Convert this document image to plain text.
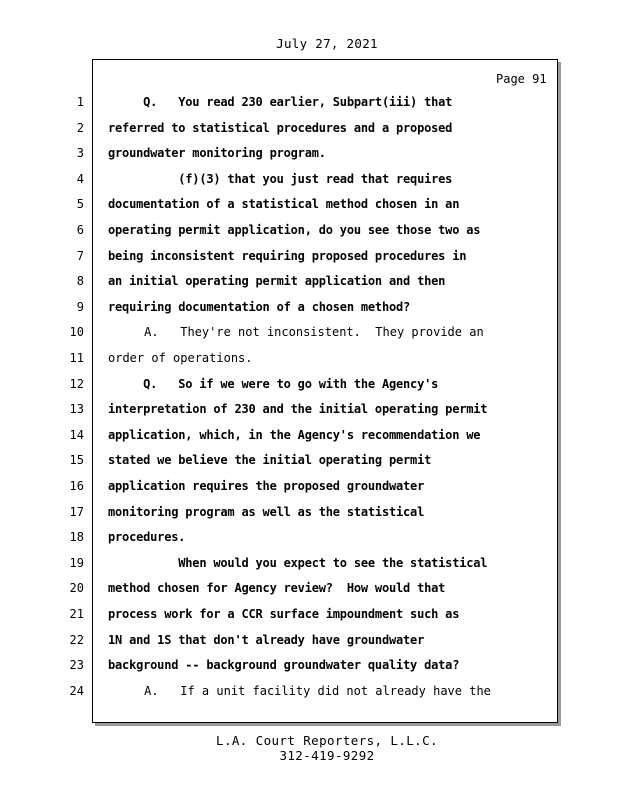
July 27, 2021
Page 91
1 Q.   You read 230 earlier, Subpart(iii) that
2 referred to statistical procedures and a proposed
3 groundwater monitoring program.
4 (f)(3) that you just read that requires
5 documentation of a statistical method chosen in an
6 operating permit application, do you see those two as
7 being inconsistent requiring proposed procedures in
8 an initial operating permit application and then
9 requiring documentation of a chosen method?
10 A.   They're not inconsistent.  They provide an
11 order of operations.
12 Q.   So if we were to go with the Agency's
13 interpretation of 230 and the initial operating permit
14 application, which, in the Agency's recommendation we
15 stated we believe the initial operating permit
16 application requires the proposed groundwater
17 monitoring program as well as the statistical
18 procedures.
19 When would you expect to see the statistical
20 method chosen for Agency review?  How would that
21 process work for a CCR surface impoundment such as
22 1N and 1S that don't already have groundwater
23 background -- background groundwater quality data?
24 A.   If a unit facility did not already have the
L.A. Court Reporters, L.L.C.
312-419-9292
